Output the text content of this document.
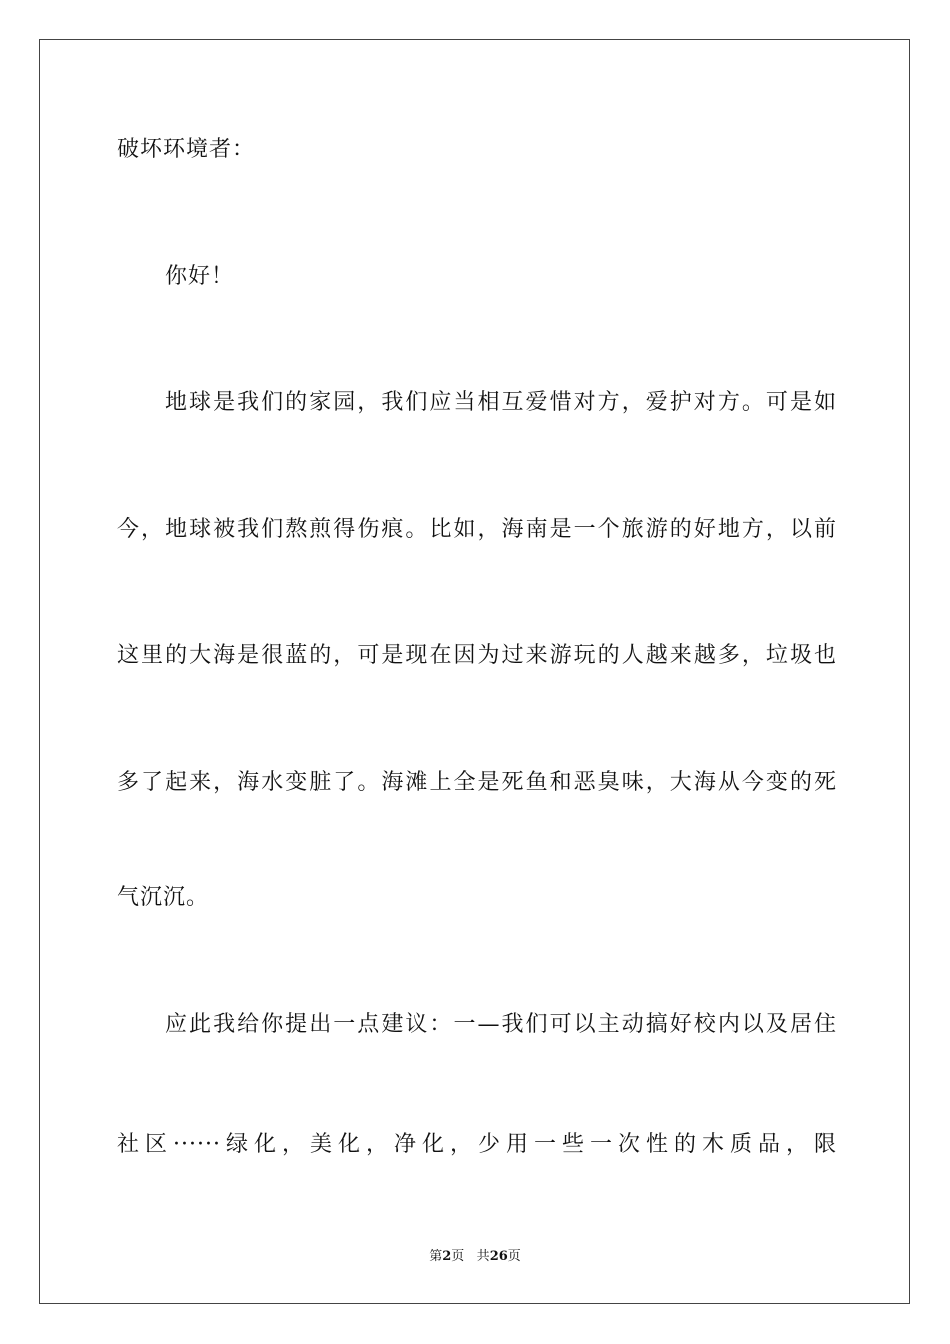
破坏环境者：
你好！
地球是我们的家园，我们应当相互爱惜对方，爱护对方。可是如
今，地球被我们熬煎得伤痕。比如，海南是一个旅游的好地方，以前
这里的大海是很蓝的，可是现在因为过来游玩的人越来越多，垃圾也
多了起来，海水变脏了。海滩上全是死鱼和恶臭味，大海从今变的死
气沉沉。
应此我给你提出一点建议：一—我们可以主动搞好校内以及居住
社区······绿化，美化，净化，少用一些一次性的木质品，限
第2页 共26页
